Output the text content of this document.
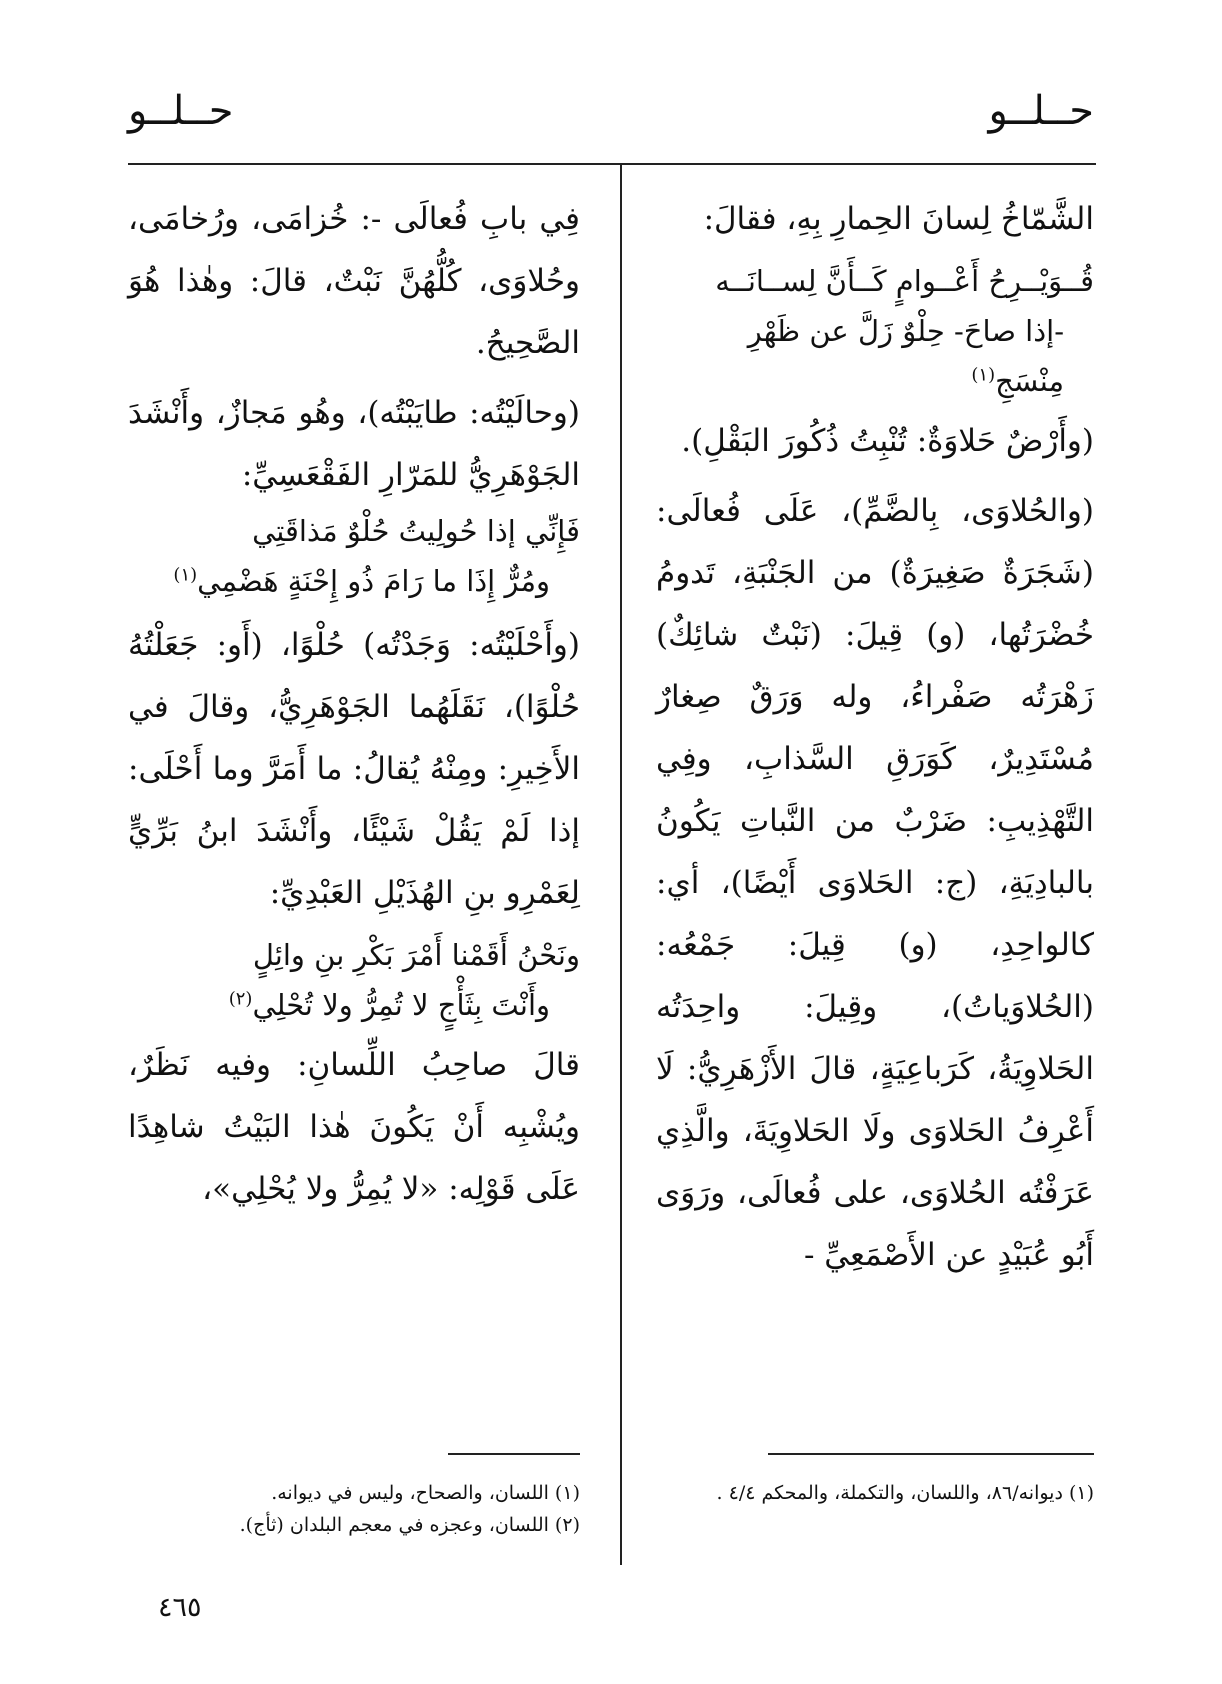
حــلــو
حــلــو

الشَّمّاخُ لِسانَ الحِمارِ بِهِ، فقالَ:

قُــوَيْــرِحُ أَعْــوامٍ كَــأَنَّ لِســانَــه

-إذا صاحَ- حِلْوٌ زَلَّ عن ظَهْرِ مِنْسَجِ$^{(١)}$

(وأَرْضٌ حَلاوَةٌ: تُنْبِتُ ذُكُورَ البَقْلِ).

(والحُلاوَى، بِالضَّمِّ)، عَلَى فُعالَى: (شَجَرَةٌ صَغِيرَةٌ) من الجَنْبَةِ، تَدومُ خُضْرَتُها، (و) قِيلَ: (نَبْتٌ شائِكٌ) زَهْرَتُه صَفْراءُ، وله وَرَقٌ صِغارٌ مُسْتَدِيرٌ، كَوَرَقِ السَّذابِ، وفِي التَّهْذِيبِ: ضَرْبٌ من النَّباتِ يَكُونُ بالبادِيَةِ، (ج: الحَلاوَى أَيْضًا)، أي: كالواحِدِ، (و) قِيلَ: جَمْعُه: (الحُلاوَياتُ)، وقِيلَ: واحِدَتُه الحَلاوِيَةُ، كَرَباعِيَةٍ، قالَ الأَزْهَرِيُّ: لَا أَعْرِفُ الحَلاوَى ولَا الحَلاوِيَةَ، والَّذِي عَرَفْتُه الحُلاوَى، على فُعالَى، ورَوَى أَبُو عُبَيْدٍ عن الأَصْمَعِيِّ -

فِي بابِ فُعالَى -: خُزامَى، ورُخامَى، وحُلاوَى، كُلُّهُنَّ نَبْتٌ، قالَ: وهٰذا هُوَ الصَّحِيحُ.

(وحالَيْتُه: طايَبْتُه)، وهُو مَجازٌ، وأَنْشَدَ الجَوْهَرِيُّ للمَرّارِ الفَقْعَسِيِّ:

فَإِنِّي إذا حُولِيتُ حُلْوٌ مَذاقَتِي

ومُرٌّ إِذَا ما رَامَ ذُو إِحْنَةٍ هَضْمِي$^{(١)}$

(وأَحْلَيْتُه: وَجَدْتُه) حُلْوًا، (أَو: جَعَلْتُهُ حُلْوًا)، نَقَلَهُما الجَوْهَرِيُّ، وقالَ في الأَخِيرِ: ومِنْهُ يُقالُ: ما أَمَرَّ وما أَحْلَى: إذا لَمْ يَقُلْ شَيْئًا، وأَنْشَدَ ابنُ بَرِّيٍّ لِعَمْرِو بنِ الهُذَيْلِ العَبْدِيِّ:

ونَحْنُ أَقَمْنا أَمْرَ بَكْرِ بنِ وائِلٍ

وأَنْتَ بِثَأْجٍ لا تُمِرُّ ولا تُحْلِي$^{(٢)}$

قالَ صاحِبُ اللِّسانِ: وفيه نَظَرٌ، ويُشْبِه أَنْ يَكُونَ هٰذا البَيْتُ شاهِدًا عَلَى قَوْلِه: «لا يُمِرُّ ولا يُحْلِي»،

(١) ديوانه/٨٦، واللسان، والتكملة، والمحكم ٤/٤ .

(١) اللسان، والصحاح، وليس في ديوانه.

(٢) اللسان، وعجزه في معجم البلدان (ثأج).

٤٦٥
